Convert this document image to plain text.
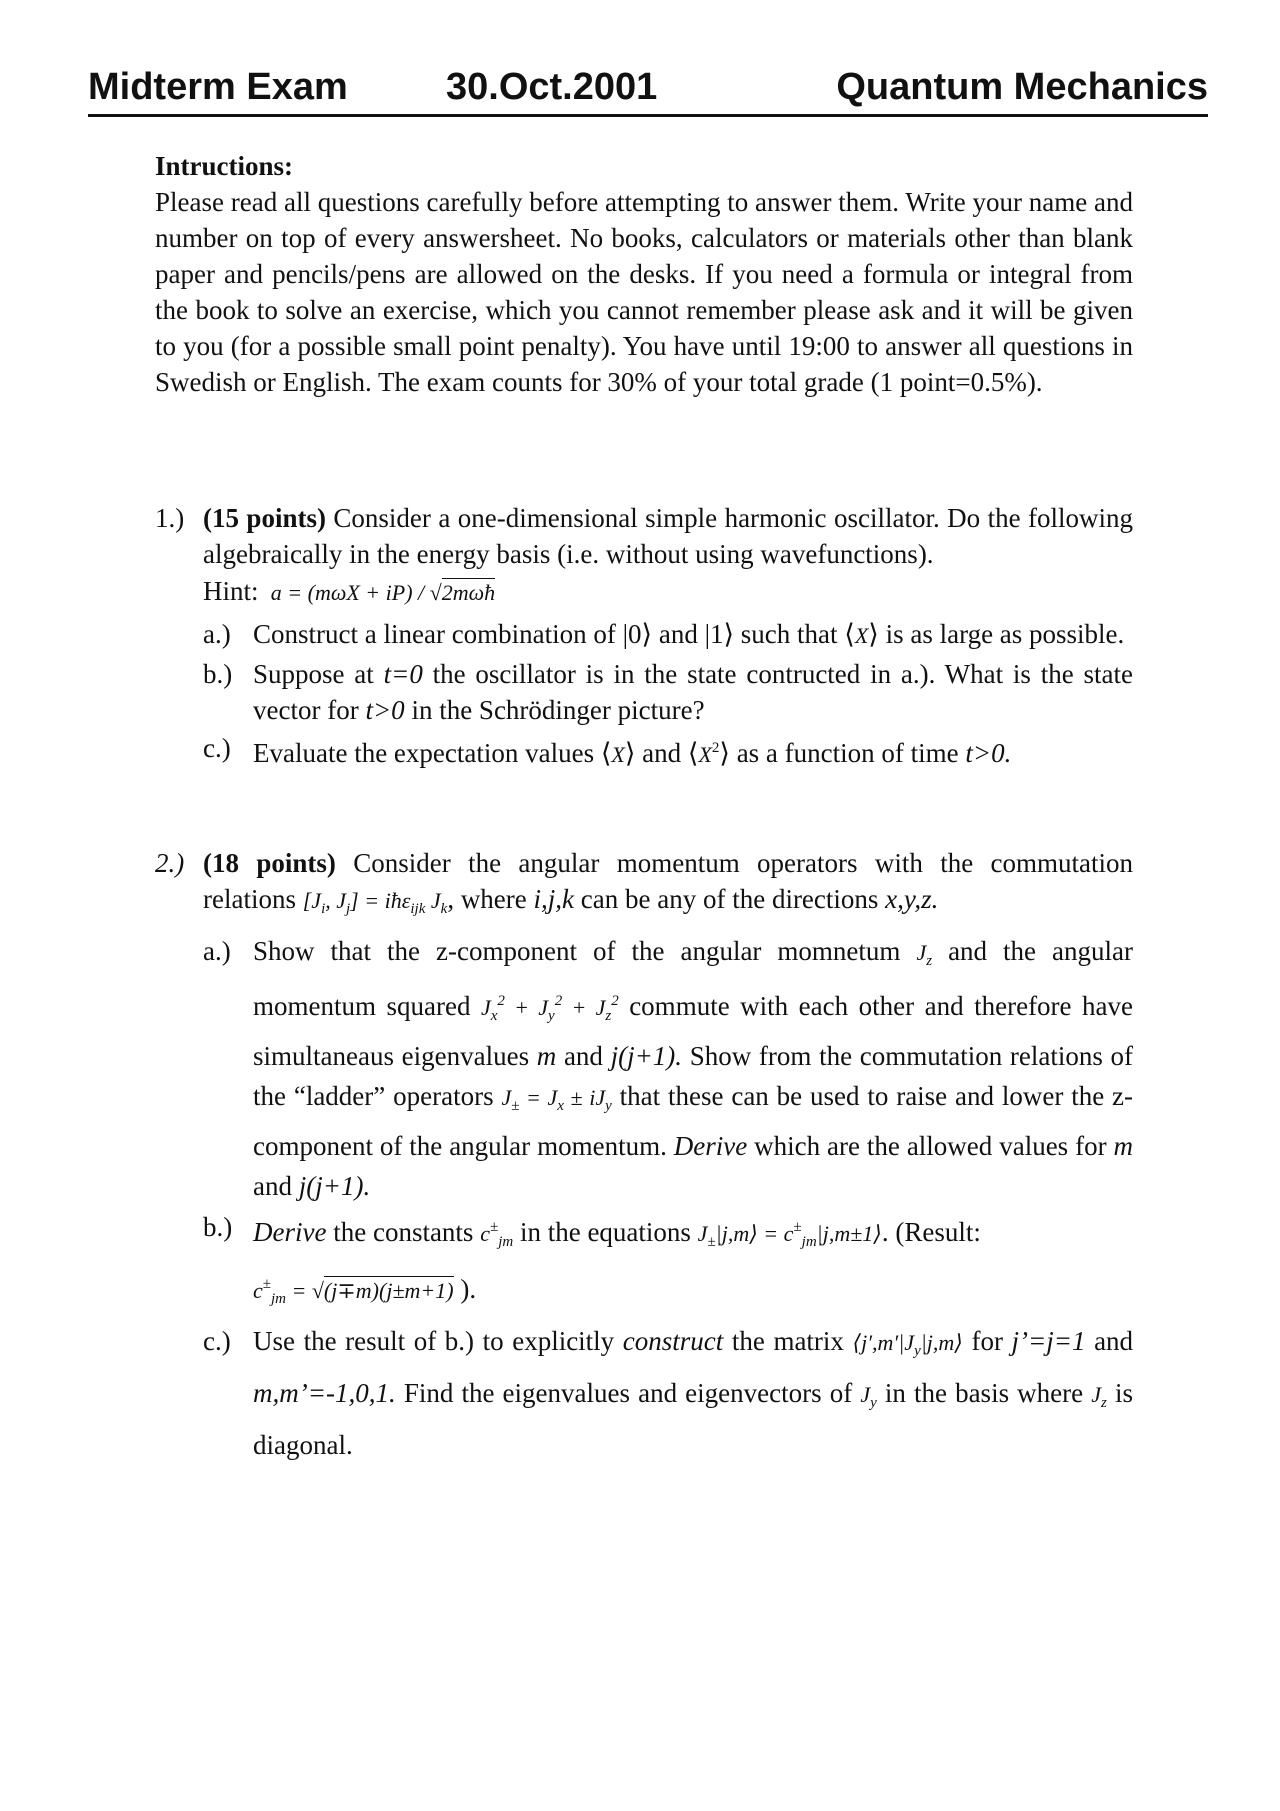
Midterm Exam	30.Oct.2001	Quantum Mechanics
Intructions:
Please read all questions carefully before attempting to answer them. Write your name and number on top of every answersheet. No books, calculators or materials other than blank paper and pencils/pens are allowed on the desks. If you need a formula or integral from the book to solve an exercise, which you cannot remember please ask and it will be given to you (for a possible small point penalty). You have until 19:00 to answer all questions in Swedish or English. The exam counts for 30% of your total grade (1 point=0.5%).
1.) (15 points) Consider a one-dimensional simple harmonic oscillator. Do the following algebraically in the energy basis (i.e. without using wavefunctions).
Hint:  a = (mωX + iP) / √2mωħ
a.) Construct a linear combination of |0⟩ and |1⟩ such that ⟨X⟩ is as large as possible.
b.) Suppose at t=0 the oscillator is in the state contructed in a.). What is the state vector for t>0 in the Schrödinger picture?
c.) Evaluate the expectation values ⟨X⟩ and $⟨X^2⟩$ as a function of time t>0.
2.) (18 points) Consider the angular momentum operators with the commutation relations [$J_i$, $J_j$] = iħε$_{ijk}$ $J_k$, where i,j,k can be any of the directions x,y,z.
a.) Show that the z-component of the angular momnetum $J_z$ and the angular momentum squared $J_x^2 + J_y^2 + J_z^2$ commute with each other and therefore have simultaneaus eigenvalues m and j(j+1). Show from the commutation relations of the “ladder” operators $J_\pm = J_x \pm iJ_y$ that these can be used to raise and lower the z-component of the angular momentum. Derive which are the allowed values for m and j(j+1).
b.) Derive the constants $c^\pm_{jm}$ in the equations $J_\pm|j,m⟩$ = $c^\pm_{jm}|j,m\pm 1⟩$. (Result:
$c^\pm_{jm} = √(j\mp m)(j\pm m+1)$ ).
c.) Use the result of b.) to explicitly construct the matrix $⟨j',m'|J_y|j,m⟩$ for j’=j=1 and m,m’=-1,0,1. Find the eigenvalues and eigenvectors of $J_y$ in the basis where $J_z$ is diagonal.
